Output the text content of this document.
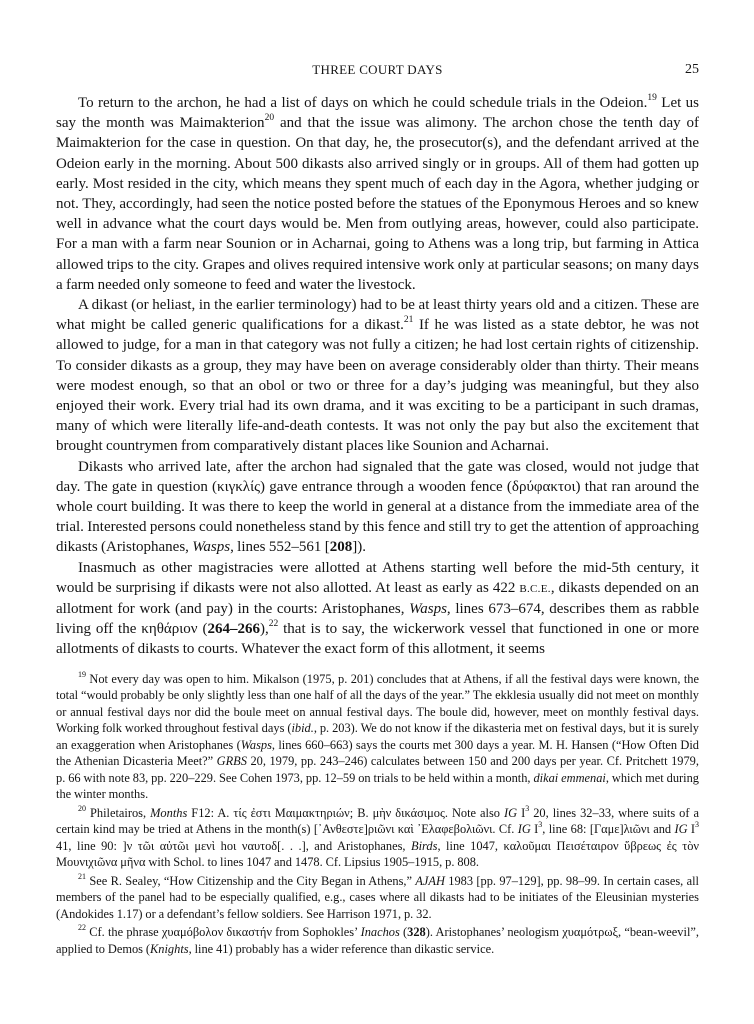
THREE COURT DAYS	25

To return to the archon, he had a list of days on which he could schedule trials in the Odeion.$^{19}$ Let us say the month was Maimakterion$^{20}$ and that the issue was alimony. The archon chose the tenth day of Maimakterion for the case in question. On that day, he, the prosecutor(s), and the defendant arrived at the Odeion early in the morning. About 500 dikasts also arrived singly or in groups. All of them had gotten up early. Most resided in the city, which means they spent much of each day in the Agora, whether judging or not. They, accordingly, had seen the notice posted before the statues of the Eponymous Heroes and so knew well in advance what the court days would be. Men from outlying areas, however, could also participate. For a man with a farm near Sounion or in Acharnai, going to Athens was a long trip, but farming in Attica allowed trips to the city. Grapes and olives required intensive work only at particular seasons; on many days a farm needed only someone to feed and water the livestock.

A dikast (or heliast, in the earlier terminology) had to be at least thirty years old and a citizen. These are what might be called generic qualifications for a dikast.$^{21}$ If he was listed as a state debtor, he was not allowed to judge, for a man in that category was not fully a citizen; he had lost certain rights of citizenship. To consider dikasts as a group, they may have been on average considerably older than thirty. Their means were modest enough, so that an obol or two or three for a day’s judging was meaningful, but they also enjoyed their work. Every trial had its own drama, and it was exciting to be a participant in such dramas, many of which were literally life-and-death contests. It was not only the pay but also the excitement that brought countrymen from comparatively distant places like Sounion and Acharnai.

Dikasts who arrived late, after the archon had signaled that the gate was closed, would not judge that day. The gate in question (κιγκλίς) gave entrance through a wooden fence (δρύφακτοι) that ran around the whole court building. It was there to keep the world in general at a distance from the immediate area of the trial. Interested persons could nonetheless stand by this fence and still try to get the attention of approaching dikasts (Aristophanes, Wasps, lines 552–561 [208]).

Inasmuch as other magistracies were allotted at Athens starting well before the mid-5th century, it would be surprising if dikasts were not also allotted. At least as early as 422 B.C.E., dikasts depended on an allotment for work (and pay) in the courts: Aristophanes, Wasps, lines 673–674, describes them as rabble living off the κηθάριον (264–266),$^{22}$ that is to say, the wickerwork vessel that functioned in one or more allotments of dikasts to courts. Whatever the exact form of this allotment, it seems

$^{19}$ Not every day was open to him. Mikalson (1975, p. 201) concludes that at Athens, if all the festival days were known, the total “would probably be only slightly less than one half of all the days of the year.” The ekklesia usually did not meet on monthly or annual festival days nor did the boule meet on annual festival days. The boule did, however, meet on monthly festival days. Working folk worked throughout festival days (ibid., p. 203). We do not know if the dikasteria met on festival days, but it is surely an exaggeration when Aristophanes (Wasps, lines 660–663) says the courts met 300 days a year. M. H. Hansen (“How Often Did the Athenian Dicasteria Meet?” GRBS 20, 1979, pp. 243–246) calculates between 150 and 200 days per year. Cf. Pritchett 1979, p. 66 with note 83, pp. 220–229. See Cohen 1973, pp. 12–59 on trials to be held within a month, dikai emmenai, which met during the winter months.

$^{20}$ Philetairos, Months F12: A. τίς ἐστι Μαιμακτηριών; B. μὴν δικάσιμος. Note also IG $I^3$ 20, lines 32–33, where suits of a certain kind may be tried at Athens in the month(s) [᾿Ανθεστε]ριῶνι καὶ ᾿Ελαφεβολιῶνι. Cf. IG $I^3$, line 68: [Γαμε]λιῶνι and IG $I^3$ 41, line 90: ]ν τῶι αὐτῶι μενὶ hοι ναυτοδ[. . .], and Aristophanes, Birds, line 1047, καλοῦμαι Πεισέταιρον ὕβρεως ἐς τὸν Μουνιχιῶνα μῆνα with Schol. to lines 1047 and 1478. Cf. Lipsius 1905–1915, p. 808.

$^{21}$ See R. Sealey, “How Citizenship and the City Began in Athens,” AJAH 1983 [pp. 97–129], pp. 98–99. In certain cases, all members of the panel had to be especially qualified, e.g., cases where all dikasts had to be initiates of the Eleusinian mysteries (Andokides 1.17) or a defendant’s fellow soldiers. See Harrison 1971, p. 32.

$^{22}$ Cf. the phrase χυαμόβολον δικαστήν from Sophokles’ Inachos (328). Aristophanes’ neologism χυαμότρωξ, “bean-weevil”, applied to Demos (Knights, line 41) probably has a wider reference than dikastic service.
